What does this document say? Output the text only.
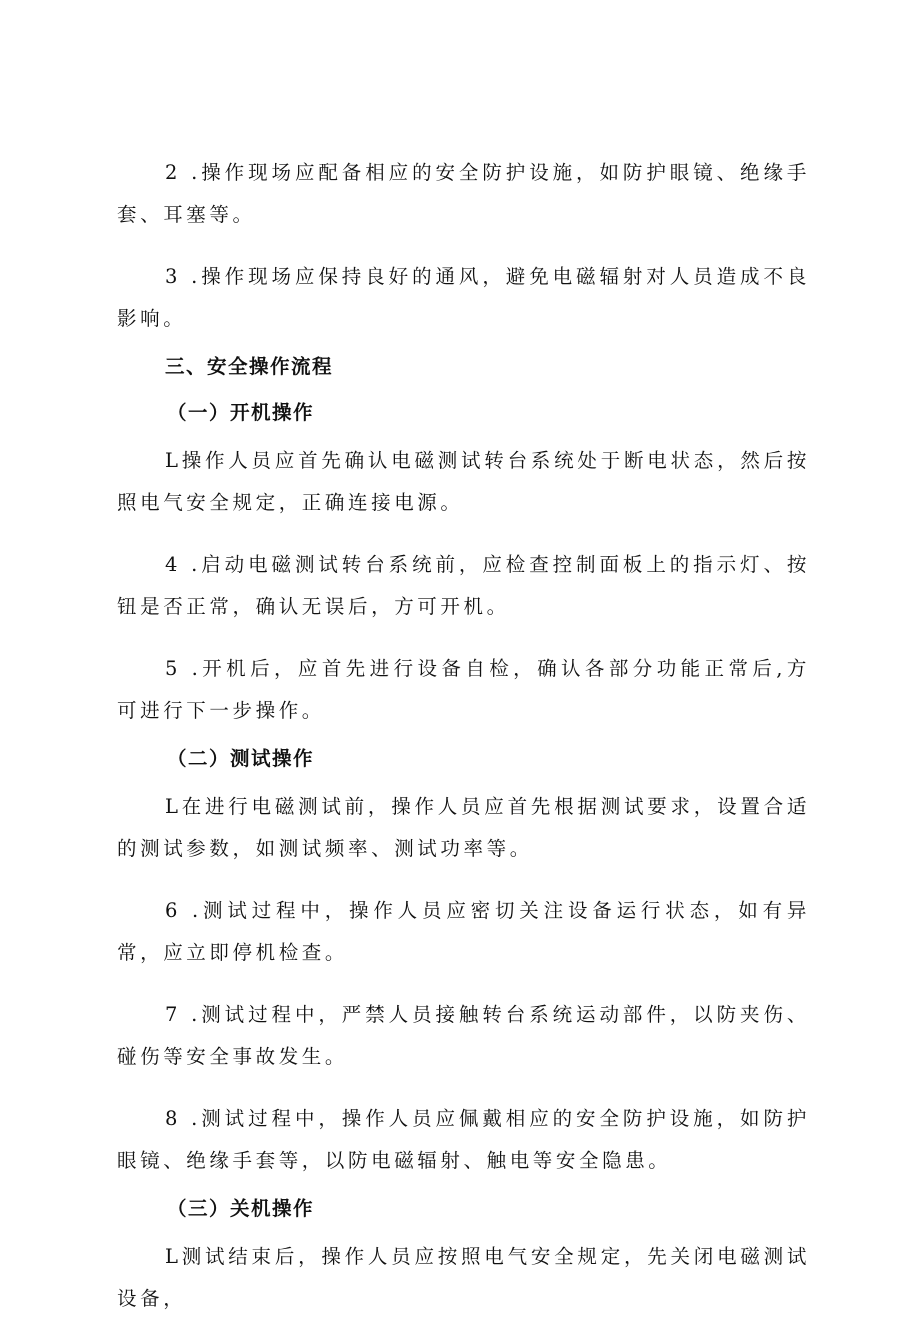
2 .操作现场应配备相应的安全防护设施，如防护眼镜、绝缘手套、耳塞等。

3 .操作现场应保持良好的通风，避免电磁辐射对人员造成不良影响。

三、安全操作流程
（一）开机操作

L操作人员应首先确认电磁测试转台系统处于断电状态，然后按照电气安全规定，正确连接电源。

4 .启动电磁测试转台系统前，应检查控制面板上的指示灯、按钮是否正常，确认无误后，方可开机。

5 .开机后，应首先进行设备自检，确认各部分功能正常后,方可进行下一步操作。

（二）测试操作

L在进行电磁测试前，操作人员应首先根据测试要求，设置合适的测试参数，如测试频率、测试功率等。

6 .测试过程中，操作人员应密切关注设备运行状态，如有异常，应立即停机检查。

7 .测试过程中，严禁人员接触转台系统运动部件，以防夹伤、碰伤等安全事故发生。

8 .测试过程中，操作人员应佩戴相应的安全防护设施，如防护眼镜、绝缘手套等，以防电磁辐射、触电等安全隐患。

（三）关机操作

L测试结束后，操作人员应按照电气安全规定，先关闭电磁测试设备，
